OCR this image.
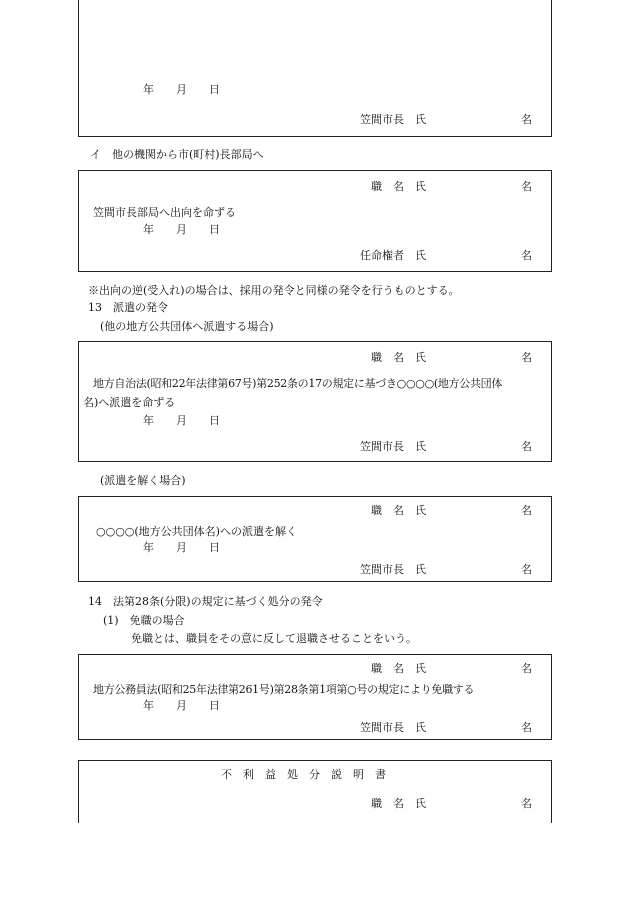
年　　月　　日
笠間市長　氏	名
イ　他の機関から市(町村)長部局へ
職　名　氏	名
笠間市長部局へ出向を命ずる
年　　月　　日
任命権者　氏	名
※出向の逆(受入れ)の場合は、採用の発令と同様の発令を行うものとする。
13　派遣の発令
(他の地方公共団体へ派遣する場合)
職　名　氏	名
地方自治法(昭和22年法律第67号)第252条の17の規定に基づき○○○○(地方公共団体
名)へ派遣を命ずる
年　　月　　日
笠間市長　氏	名
(派遣を解く場合)
職　名　氏	名
○○○○(地方公共団体名)への派遣を解く
年　　月　　日
笠間市長　氏	名
14　法第28条(分限)の規定に基づく処分の発令
(1)　免職の場合
免職とは、職員をその意に反して退職させることをいう。
職　名　氏	名
地方公務員法(昭和25年法律第261号)第28条第1項第○号の規定により免職する
年　　月　　日
笠間市長　氏	名
不利益処分説明書
職　名　氏	名
